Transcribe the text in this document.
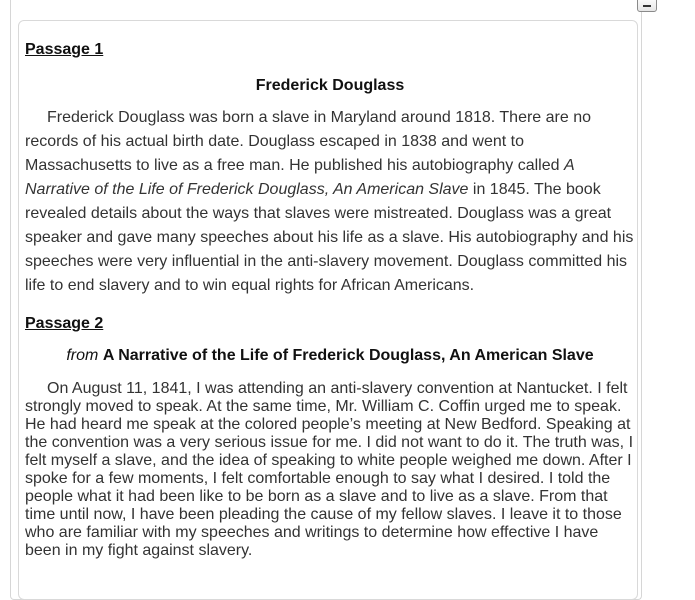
Passage 1

Frederick Douglass

Frederick Douglass was born a slave in Maryland around 1818. There are no records of his actual birth date. Douglass escaped in 1838 and went to Massachusetts to live as a free man. He published his autobiography called A Narrative of the Life of Frederick Douglass, An American Slave in 1845. The book revealed details about the ways that slaves were mistreated. Douglass was a great speaker and gave many speeches about his life as a slave. His autobiography and his speeches were very influential in the anti-slavery movement. Douglass committed his life to end slavery and to win equal rights for African Americans.

Passage 2

from A Narrative of the Life of Frederick Douglass, An American Slave

On August 11, 1841, I was attending an anti-slavery convention at Nantucket. I felt strongly moved to speak. At the same time, Mr. William C. Coffin urged me to speak. He had heard me speak at the colored people’s meeting at New Bedford. Speaking at the convention was a very serious issue for me. I did not want to do it. The truth was, I felt myself a slave, and the idea of speaking to white people weighed me down. After I spoke for a few moments, I felt comfortable enough to say what I desired. I told the people what it had been like to be born as a slave and to live as a slave. From that time until now, I have been pleading the cause of my fellow slaves. I leave it to those who are familiar with my speeches and writings to determine how effective I have been in my fight against slavery.
